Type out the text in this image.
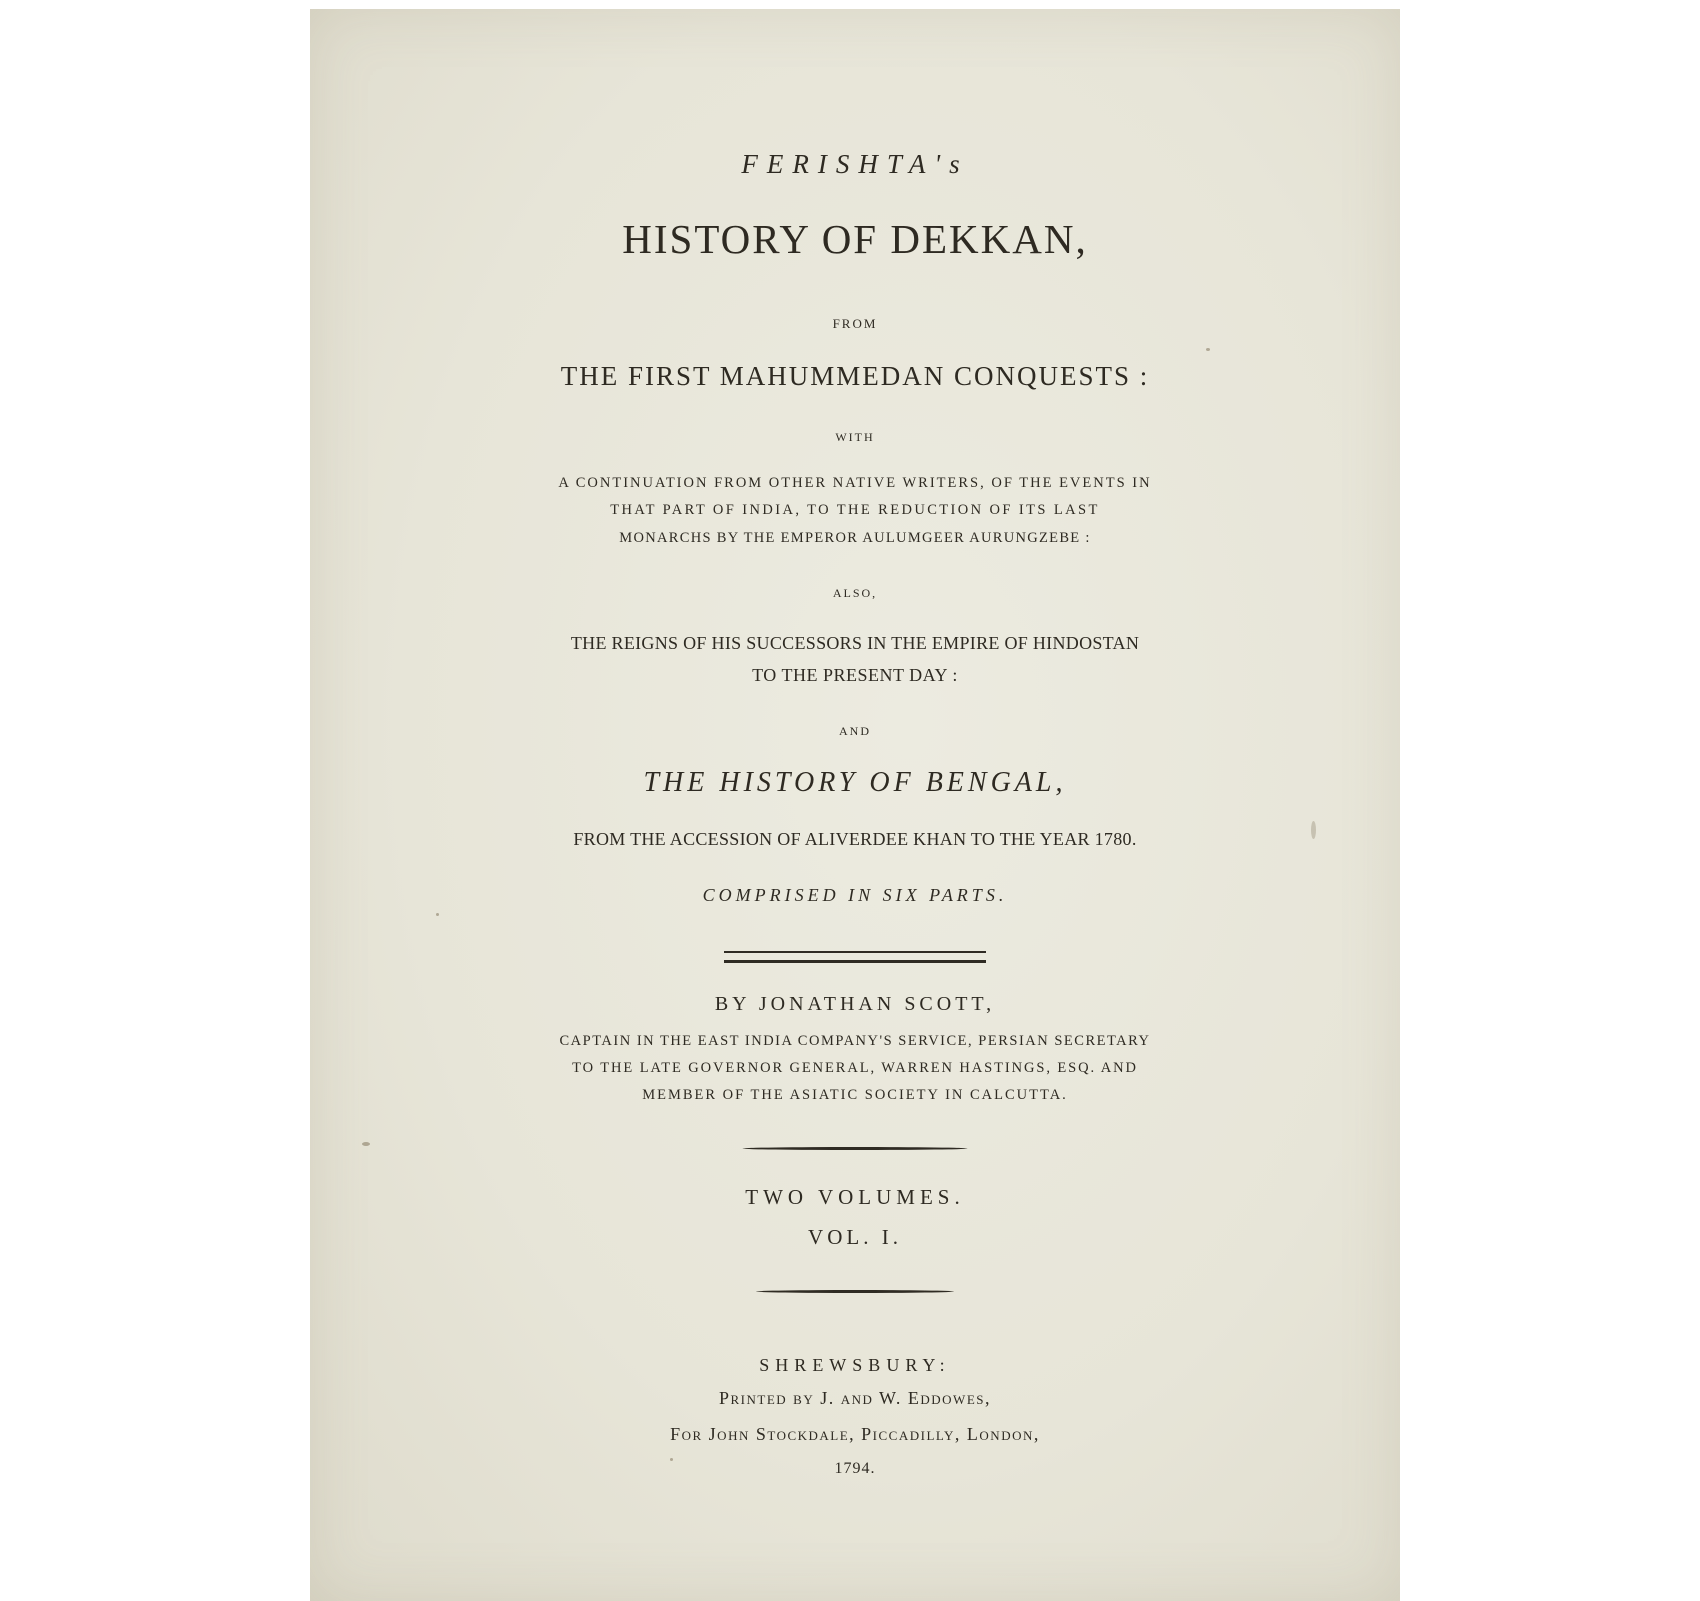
FERISHTA's

HISTORY OF DEKKAN,

FROM

THE FIRST MAHUMMEDAN CONQUESTS :

WITH

A CONTINUATION FROM OTHER NATIVE WRITERS, OF THE EVENTS IN

THAT PART OF INDIA, TO THE REDUCTION OF ITS LAST

MONARCHS BY THE EMPEROR AULUMGEER AURUNGZEBE :

ALSO,

THE REIGNS OF HIS SUCCESSORS IN THE EMPIRE OF HINDOSTAN

TO THE PRESENT DAY :

AND

THE HISTORY OF BENGAL,

FROM THE ACCESSION OF ALIVERDEE KHAN TO THE YEAR 1780.

COMPRISED IN SIX PARTS.

BY JONATHAN SCOTT,

CAPTAIN IN THE EAST INDIA COMPANY'S SERVICE, PERSIAN SECRETARY

TO THE LATE GOVERNOR GENERAL, WARREN HASTINGS, ESQ. AND

MEMBER OF THE ASIATIC SOCIETY IN CALCUTTA.

TWO VOLUMES.

VOL. I.

SHREWSBURY:

Printed by J. and W. Eddowes,

For John Stockdale, Piccadilly, London,

1794.
